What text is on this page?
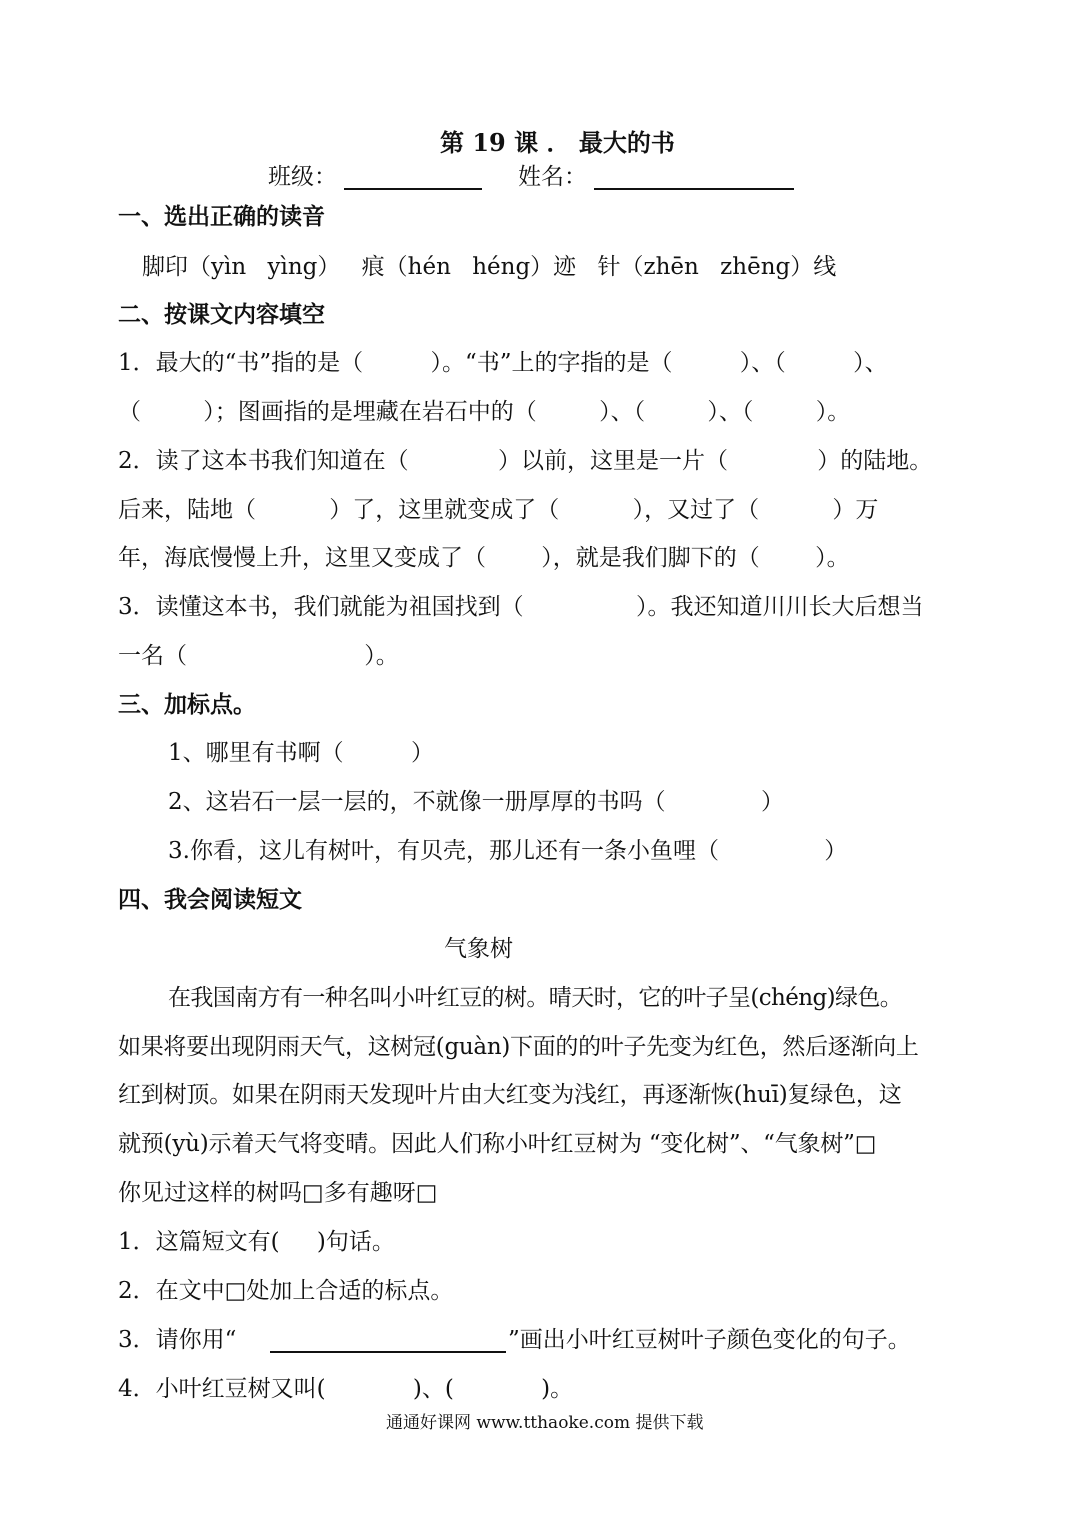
第 19 课 ． 最大的书
班级：	姓名：
一、选出正确的读音
脚印（yìn yìng） 痕（hén héng）迹 针（zhēn zhēng）线
二、按课文内容填空
1．最大的“书”指的是（ ）。“书”上的字指的是（ ）、（ ）、
（ ）；图画指的是埋藏在岩石中的（ ）、（ ）、（ ）。
2．读了这本书我们知道在（ ）以前，这里是一片（ ）的陆地。
后来，陆地（ ）了，这里就变成了（ ），又过了（ ）万
年，海底慢慢上升，这里又变成了（ ），就是我们脚下的（ ）。
3．读懂这本书，我们就能为祖国找到（ ）。我还知道川川长大后想当
一名（ ）。
三、加标点。
1、哪里有书啊（ ）
2、这岩石一层一层的，不就像一册厚厚的书吗（ ）
3.你看，这儿有树叶，有贝壳，那儿还有一条小鱼哩（ ）
四、我会阅读短文
气象树
在我国南方有一种名叫小叶红豆的树。晴天时，它的叶子呈(chéng)绿色。
如果将要出现阴雨天气，这树冠(guàn)下面的的叶子先变为红色，然后逐渐向上
红到树顶。如果在阴雨天发现叶片由大红变为浅红，再逐渐恢(huī)复绿色，这
就预(yù)示着天气将变晴。因此人们称小叶红豆树为 “变化树”、“气象树”□
你见过这样的树吗□多有趣呀□
1．这篇短文有( )句话。
2．在文中□处加上合适的标点。
3．请你用“	”画出小叶红豆树叶子颜色变化的句子。
4．小叶红豆树又叫( )、( )。
通通好课网 www.tthaoke.com 提供下载
